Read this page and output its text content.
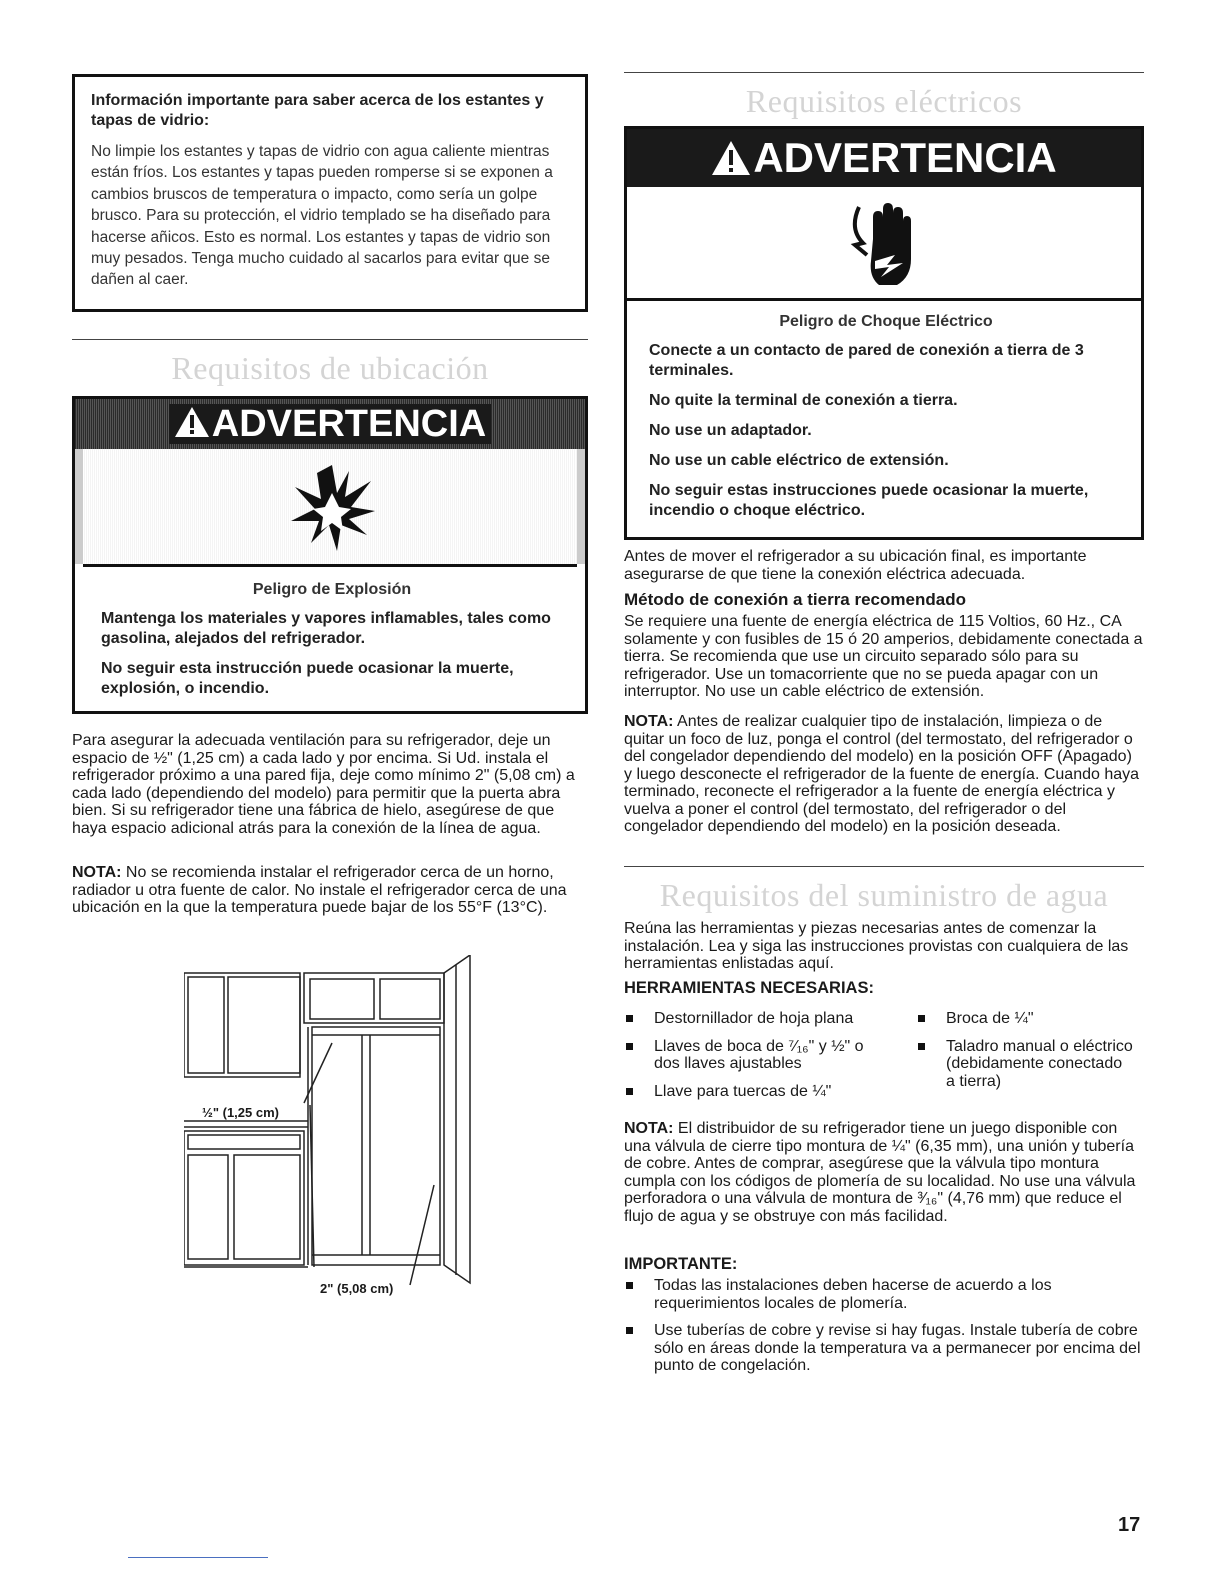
Información importante para saber acerca de los estantes y tapas de vidrio:
No limpie los estantes y tapas de vidrio con agua caliente mientras están fríos. Los estantes y tapas pueden romperse si se exponen a cambios bruscos de temperatura o impacto, como sería un golpe brusco. Para su protección, el vidrio templado se ha diseñado para hacerse añicos. Esto es normal. Los estantes y tapas de vidrio son muy pesados. Tenga mucho cuidado al sacarlos para evitar que se dañen al caer.
Requisitos de ubicación
ADVERTENCIA
Peligro de Explosión
Mantenga los materiales y vapores inflamables, tales como gasolina, alejados del refrigerador.
No seguir esta instrucción puede ocasionar la muerte, explosión, o incendio.

Para asegurar la adecuada ventilación para su refrigerador, deje un espacio de ½" (1,25 cm) a cada lado y por encima. Si Ud. instala el refrigerador próximo a una pared fija, deje como mínimo 2" (5,08 cm) a cada lado (dependiendo del modelo) para permitir que la puerta abra bien. Si su refrigerador tiene una fábrica de hielo, asegúrese de que haya espacio adicional atrás para la conexión de la línea de agua.

NOTA: No se recomienda instalar el refrigerador cerca de un horno, radiador u otra fuente de calor. No instale el refrigerador cerca de una ubicación en la que la temperatura puede bajar de los 55°F (13°C).

½" (1,25 cm)
2" (5,08 cm)
Requisitos eléctricos
ADVERTENCIA
Peligro de Choque Eléctrico
Conecte a un contacto de pared de conexión a tierra de 3 terminales.
No quite la terminal de conexión a tierra.
No use un adaptador.
No use un cable eléctrico de extensión.
No seguir estas instrucciones puede ocasionar la muerte, incendio o choque eléctrico.

Antes de mover el refrigerador a su ubicación final, es importante asegurarse de que tiene la conexión eléctrica adecuada.

Método de conexión a tierra recomendado

Se requiere una fuente de energía eléctrica de 115 Voltios, 60 Hz., CA solamente y con fusibles de 15 ó 20 amperios, debidamente conectada a tierra. Se recomienda que use un circuito separado sólo para su refrigerador. Use un tomacorriente que no se pueda apagar con un interruptor. No use un cable eléctrico de extensión.

NOTA: Antes de realizar cualquier tipo de instalación, limpieza o de quitar un foco de luz, ponga el control (del termostato, del refrigerador o del congelador dependiendo del modelo) en la posición OFF (Apagado) y luego desconecte el refrigerador de la fuente de energía. Cuando haya terminado, reconecte el refrigerador a la fuente de energía eléctrica y vuelva a poner el control (del termostato, del refrigerador o del congelador dependiendo del modelo) en la posición deseada.

Requisitos del suministro de agua

Reúna las herramientas y piezas necesarias antes de comenzar la instalación. Lea y siga las instrucciones provistas con cualquiera de las herramientas enlistadas aquí.

HERRAMIENTAS NECESARIAS:
Destornillador de hoja plana
Llaves de boca de ⁷⁄₁₆" y ½" o dos llaves ajustables
Llave para tuercas de ¼"
Broca de ¼"
Taladro manual o eléctrico (debidamente conectado a tierra)

NOTA: El distribuidor de su refrigerador tiene un juego disponible con una válvula de cierre tipo montura de ¼" (6,35 mm), una unión y tubería de cobre. Antes de comprar, asegúrese que la válvula tipo montura cumpla con los códigos de plomería de su localidad. No use una válvula perforadora o una válvula de montura de ³⁄₁₆" (4,76 mm) que reduce el flujo de agua y se obstruye con más facilidad.

IMPORTANTE:
Todas las instalaciones deben hacerse de acuerdo a los requerimientos locales de plomería.
Use tuberías de cobre y revise si hay fugas. Instale tubería de cobre sólo en áreas donde la temperatura va a permanecer por encima del punto de congelación.
17
